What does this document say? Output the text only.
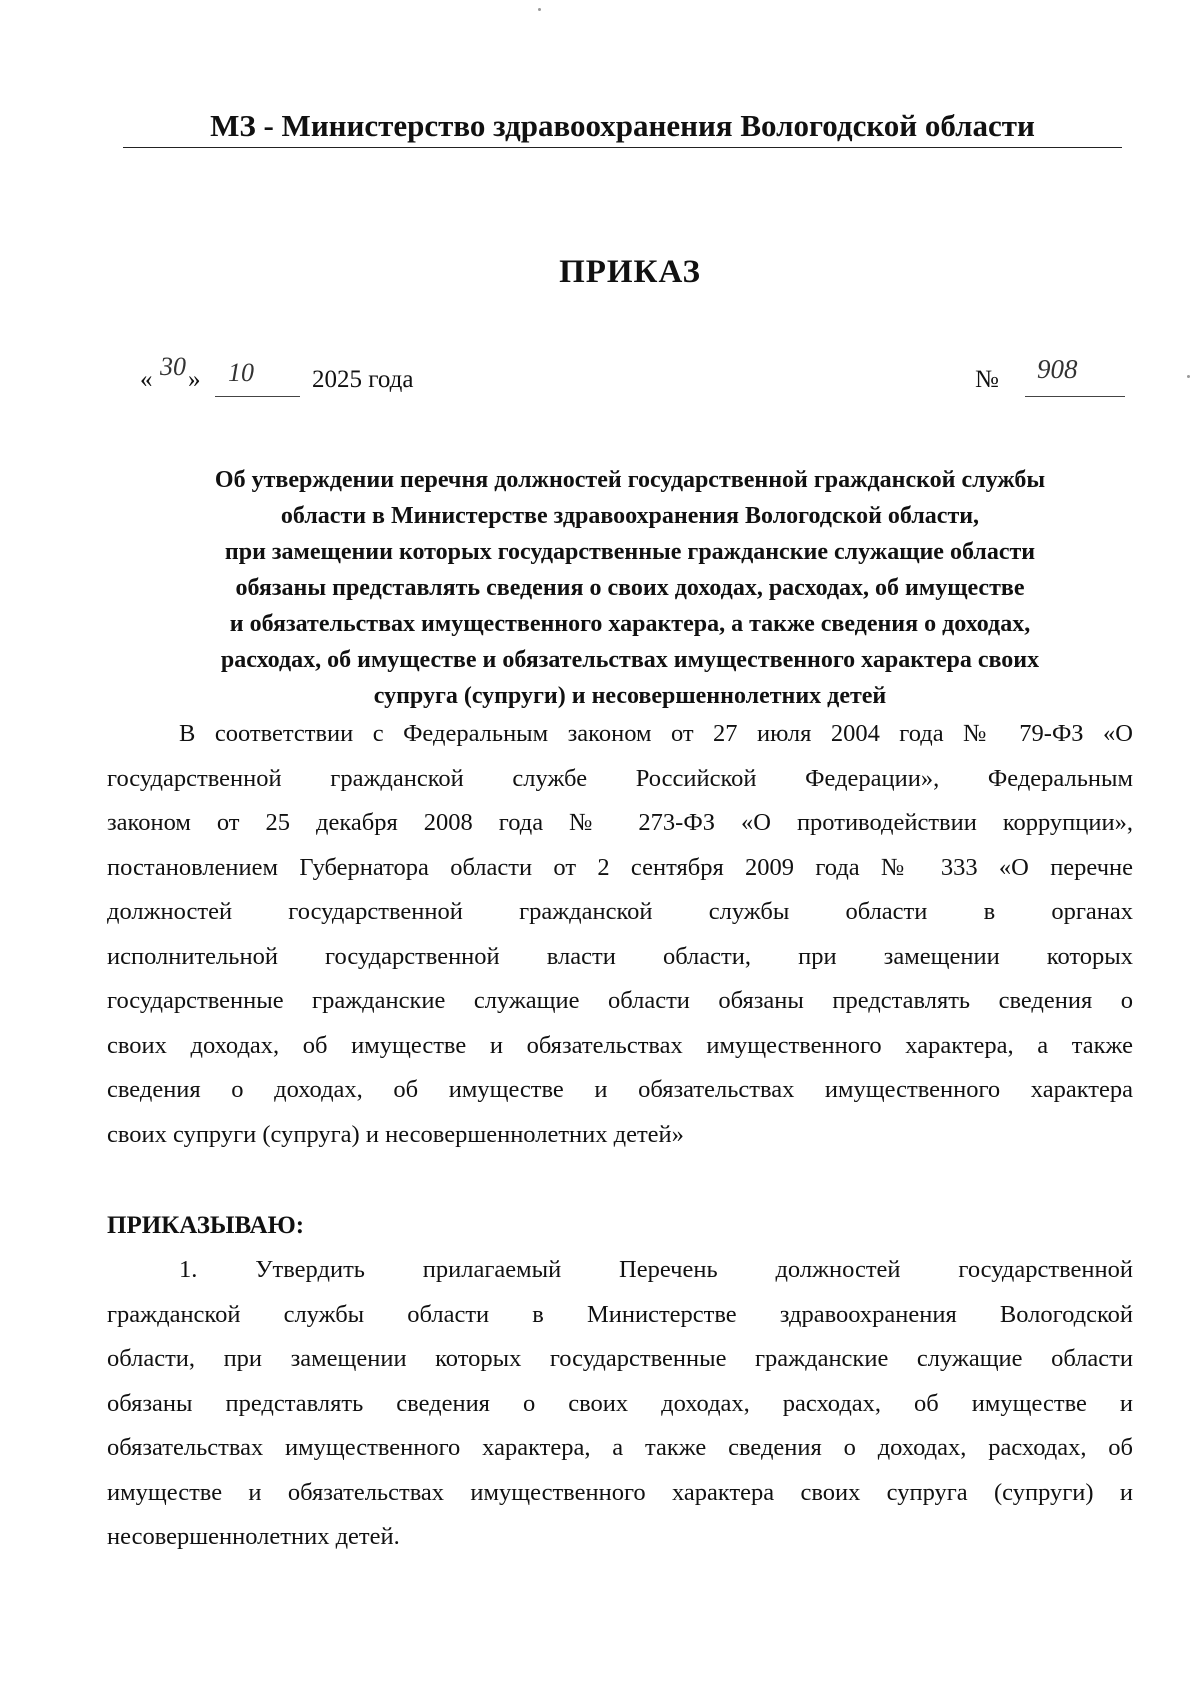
МЗ - Министерство здравоохранения Вологодской области
ПРИКАЗ
« 30 » 10 2025 года	№ 908
Об утверждении перечня должностей государственной гражданской службы
области в Министерстве здравоохранения Вологодской области,
при замещении которых государственные гражданские служащие области
обязаны представлять сведения о своих доходах, расходах, об имуществе
и обязательствах имущественного характера, а также сведения о доходах,
расходах, об имуществе и обязательствах имущественного характера своих
супруга (супруги) и несовершеннолетних детей
В соответствии с Федеральным законом от 27 июля 2004 года № 79-ФЗ «О
государственной гражданской службе Российской Федерации», Федеральным
законом от 25 декабря 2008 года № 273-ФЗ «О противодействии коррупции»,
постановлением Губернатора области от 2 сентября 2009 года № 333 «О перечне
должностей государственной гражданской службы области в органах
исполнительной государственной власти области, при замещении которых
государственные гражданские служащие области обязаны представлять сведения о
своих доходах, об имуществе и обязательствах имущественного характера, а также
сведения о доходах, об имуществе и обязательствах имущественного характера
своих супруги (супруга) и несовершеннолетних детей»
ПРИКАЗЫВАЮ:
1. Утвердить прилагаемый Перечень должностей государственной
гражданской службы области в Министерстве здравоохранения Вологодской
области, при замещении которых государственные гражданские служащие области
обязаны представлять сведения о своих доходах, расходах, об имуществе и
обязательствах имущественного характера, а также сведения о доходах, расходах, об
имуществе и обязательствах имущественного характера своих супруга (супруги) и
несовершеннолетних детей.
